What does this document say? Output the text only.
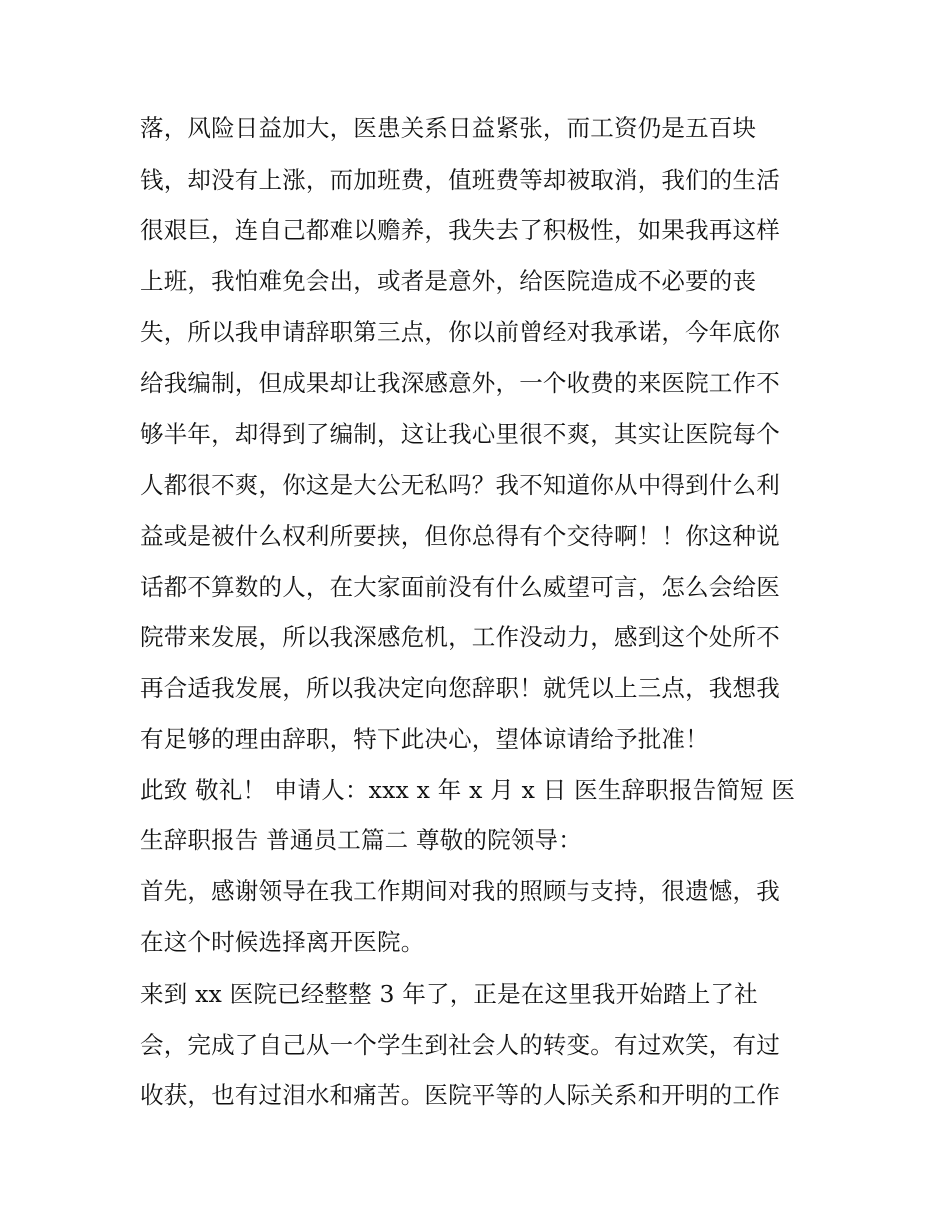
落，风险日益加大，医患关系日益紧张，而工资仍是五百块

钱，却没有上涨，而加班费，值班费等却被取消，我们的生活

很艰巨，连自己都难以赡养，我失去了积极性，如果我再这样

上班，我怕难免会出，或者是意外，给医院造成不必要的丧

失，所以我申请辞职第三点，你以前曾经对我承诺，今年底你

给我编制，但成果却让我深感意外，一个收费的来医院工作不

够半年，却得到了编制，这让我心里很不爽，其实让医院每个

人都很不爽，你这是大公无私吗？我不知道你从中得到什么利

益或是被什么权利所要挟，但你总得有个交待啊！！你这种说

话都不算数的人，在大家面前没有什么威望可言，怎么会给医

院带来发展，所以我深感危机，工作没动力，感到这个处所不

再合适我发展，所以我决定向您辞职！就凭以上三点，我想我

有足够的理由辞职，特下此决心，望体谅请给予批准！

此致 敬礼！ 申请人：xxx x 年 x 月 x 日 医生辞职报告简短 医

生辞职报告 普通员工篇二 尊敬的院领导：

首先，感谢领导在我工作期间对我的照顾与支持，很遗憾，我

在这个时候选择离开医院。

来到 xx 医院已经整整 3 年了，正是在这里我开始踏上了社

会，完成了自己从一个学生到社会人的转变。有过欢笑，有过

收获，也有过泪水和痛苦。医院平等的人际关系和开明的工作
